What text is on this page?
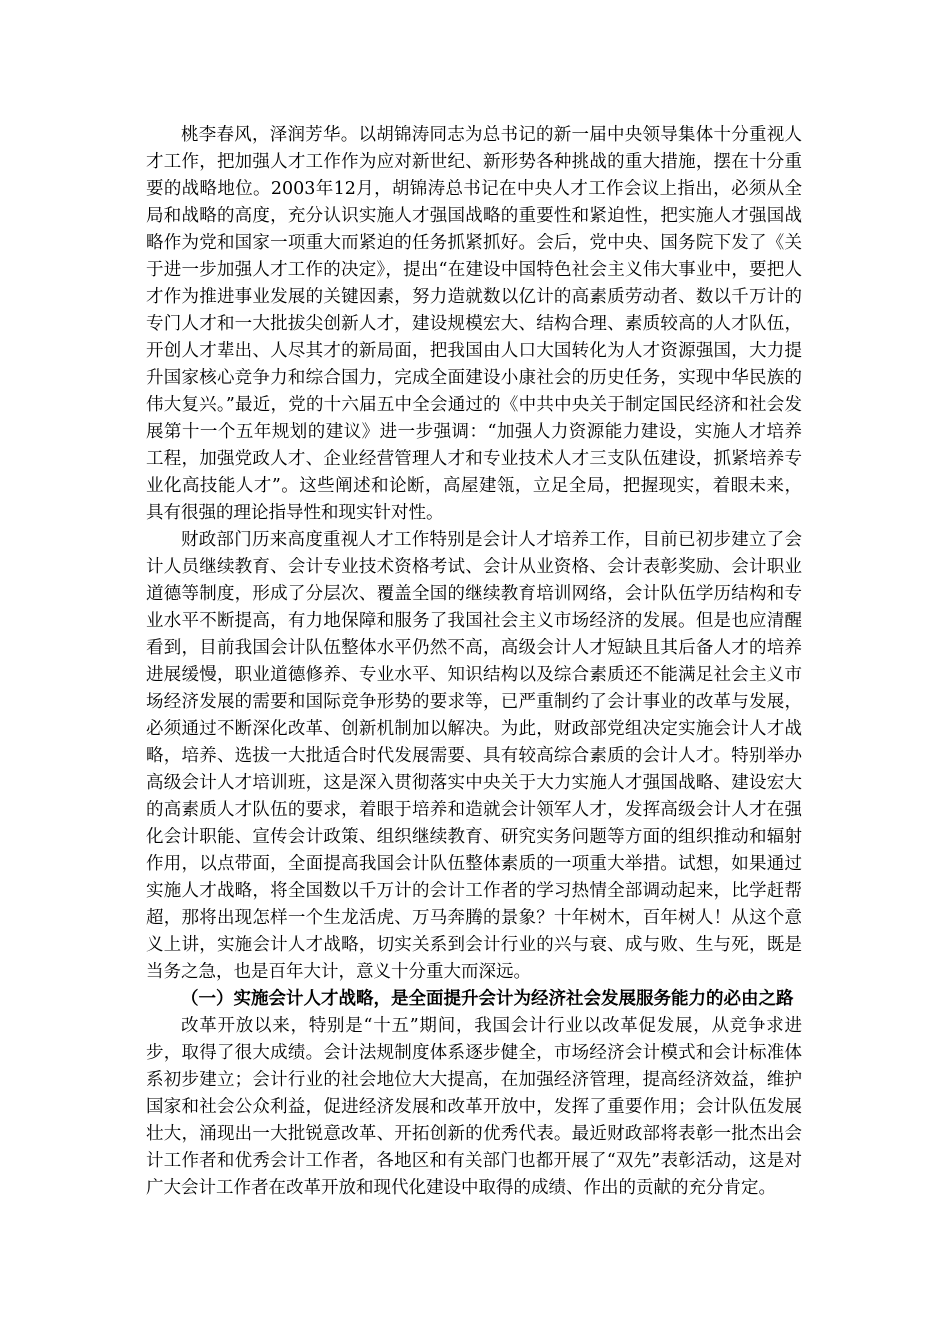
桃李春风，泽润芳华。以胡锦涛同志为总书记的新一届中央领导集体十分重视人才工作，把加强人才工作作为应对新世纪、新形势各种挑战的重大措施，摆在十分重要的战略地位。2003年12月，胡锦涛总书记在中央人才工作会议上指出，必须从全局和战略的高度，充分认识实施人才强国战略的重要性和紧迫性，把实施人才强国战略作为党和国家一项重大而紧迫的任务抓紧抓好。会后，党中央、国务院下发了《关于进一步加强人才工作的决定》，提出“在建设中国特色社会主义伟大事业中，要把人才作为推进事业发展的关键因素，努力造就数以亿计的高素质劳动者、数以千万计的专门人才和一大批拔尖创新人才，建设规模宏大、结构合理、素质较高的人才队伍，开创人才辈出、人尽其才的新局面，把我国由人口大国转化为人才资源强国，大力提升国家核心竞争力和综合国力，完成全面建设小康社会的历史任务，实现中华民族的伟大复兴。”最近，党的十六届五中全会通过的《中共中央关于制定国民经济和社会发展第十一个五年规划的建议》进一步强调：“加强人力资源能力建设，实施人才培养工程，加强党政人才、企业经营管理人才和专业技术人才三支队伍建设，抓紧培养专业化高技能人才”。这些阐述和论断，高屋建瓴，立足全局，把握现实，着眼未来，具有很强的理论指导性和现实针对性。

财政部门历来高度重视人才工作特别是会计人才培养工作，目前已初步建立了会计人员继续教育、会计专业技术资格考试、会计从业资格、会计表彰奖励、会计职业道德等制度，形成了分层次、覆盖全国的继续教育培训网络，会计队伍学历结构和专业水平不断提高，有力地保障和服务了我国社会主义市场经济的发展。但是也应清醒看到，目前我国会计队伍整体水平仍然不高，高级会计人才短缺且其后备人才的培养进展缓慢，职业道德修养、专业水平、知识结构以及综合素质还不能满足社会主义市场经济发展的需要和国际竞争形势的要求等，已严重制约了会计事业的改革与发展，必须通过不断深化改革、创新机制加以解决。为此，财政部党组决定实施会计人才战略，培养、选拔一大批适合时代发展需要、具有较高综合素质的会计人才。特别举办高级会计人才培训班，这是深入贯彻落实中央关于大力实施人才强国战略、建设宏大的高素质人才队伍的要求，着眼于培养和造就会计领军人才，发挥高级会计人才在强化会计职能、宣传会计政策、组织继续教育、研究实务问题等方面的组织推动和辐射作用，以点带面，全面提高我国会计队伍整体素质的一项重大举措。试想，如果通过实施人才战略，将全国数以千万计的会计工作者的学习热情全部调动起来，比学赶帮超，那将出现怎样一个生龙活虎、万马奔腾的景象？十年树木，百年树人！从这个意义上讲，实施会计人才战略，切实关系到会计行业的兴与衰、成与败、生与死，既是当务之急，也是百年大计，意义十分重大而深远。

（一）实施会计人才战略，是全面提升会计为经济社会发展服务能力的必由之路

改革开放以来，特别是“十五”期间，我国会计行业以改革促发展，从竞争求进步，取得了很大成绩。会计法规制度体系逐步健全，市场经济会计模式和会计标准体系初步建立；会计行业的社会地位大大提高，在加强经济管理，提高经济效益，维护国家和社会公众利益，促进经济发展和改革开放中，发挥了重要作用；会计队伍发展壮大，涌现出一大批锐意改革、开拓创新的优秀代表。最近财政部将表彰一批杰出会计工作者和优秀会计工作者，各地区和有关部门也都开展了“双先”表彰活动，这是对广大会计工作者在改革开放和现代化建设中取得的成绩、作出的贡献的充分肯定。
